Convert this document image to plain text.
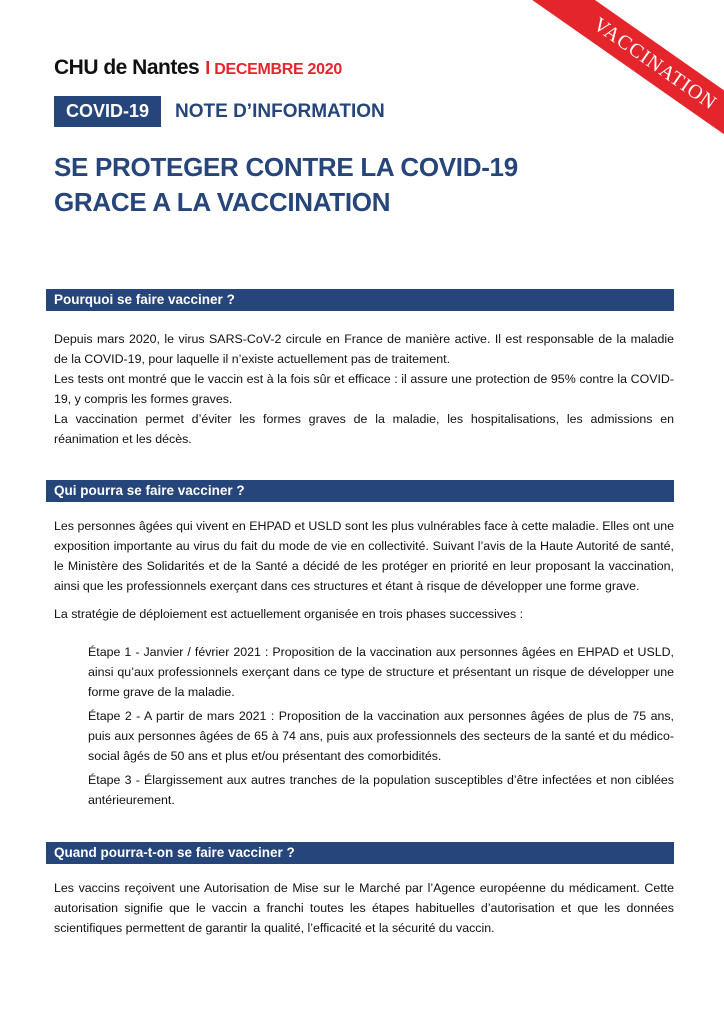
VACCINATION
CHU de Nantes I DECEMBRE 2020
COVID-19	NOTE D’INFORMATION
SE PROTEGER CONTRE LA COVID-19
GRACE A LA VACCINATION
Pourquoi se faire vacciner ?

Depuis mars 2020, le virus SARS-CoV-2 circule en France de manière active. Il est responsable de la maladie de la COVID-19, pour laquelle il n’existe actuellement pas de traitement.

Les tests ont montré que le vaccin est à la fois sûr et efficace : il assure une protection de 95% contre la COVID-19, y compris les formes graves.

La vaccination permet d’éviter les formes graves de la maladie, les hospitalisations, les admissions en réanimation et les décès.

Qui pourra se faire vacciner ?

Les personnes âgées qui vivent en EHPAD et USLD sont les plus vulnérables face à cette maladie. Elles ont une exposition importante au virus du fait du mode de vie en collectivité. Suivant l’avis de la Haute Autorité de santé, le Ministère des Solidarités et de la Santé a décidé de les protéger en priorité en leur proposant la vaccination, ainsi que les professionnels exerçant dans ces structures et étant à risque de développer une forme grave.

La stratégie de déploiement est actuellement organisée en trois phases successives :

Étape 1 - Janvier / février 2021 : Proposition de la vaccination aux personnes âgées en EHPAD et USLD, ainsi qu’aux professionnels exerçant dans ce type de structure et présentant un risque de développer une forme grave de la maladie.

Étape 2 - A partir de mars 2021 : Proposition de la vaccination aux personnes âgées de plus de 75 ans, puis aux personnes âgées de 65 à 74 ans, puis aux professionnels des secteurs de la santé et du médico-social âgés de 50 ans et plus et/ou présentant des comorbidités.

Étape 3 - Élargissement aux autres tranches de la population susceptibles d’être infectées et non ciblées antérieurement.

Quand pourra-t-on se faire vacciner ?

Les vaccins reçoivent une Autorisation de Mise sur le Marché par l’Agence européenne du médicament. Cette autorisation signifie que le vaccin a franchi toutes les étapes habituelles d’autorisation et que les données scientifiques permettent de garantir la qualité, l’efficacité et la sécurité du vaccin.
